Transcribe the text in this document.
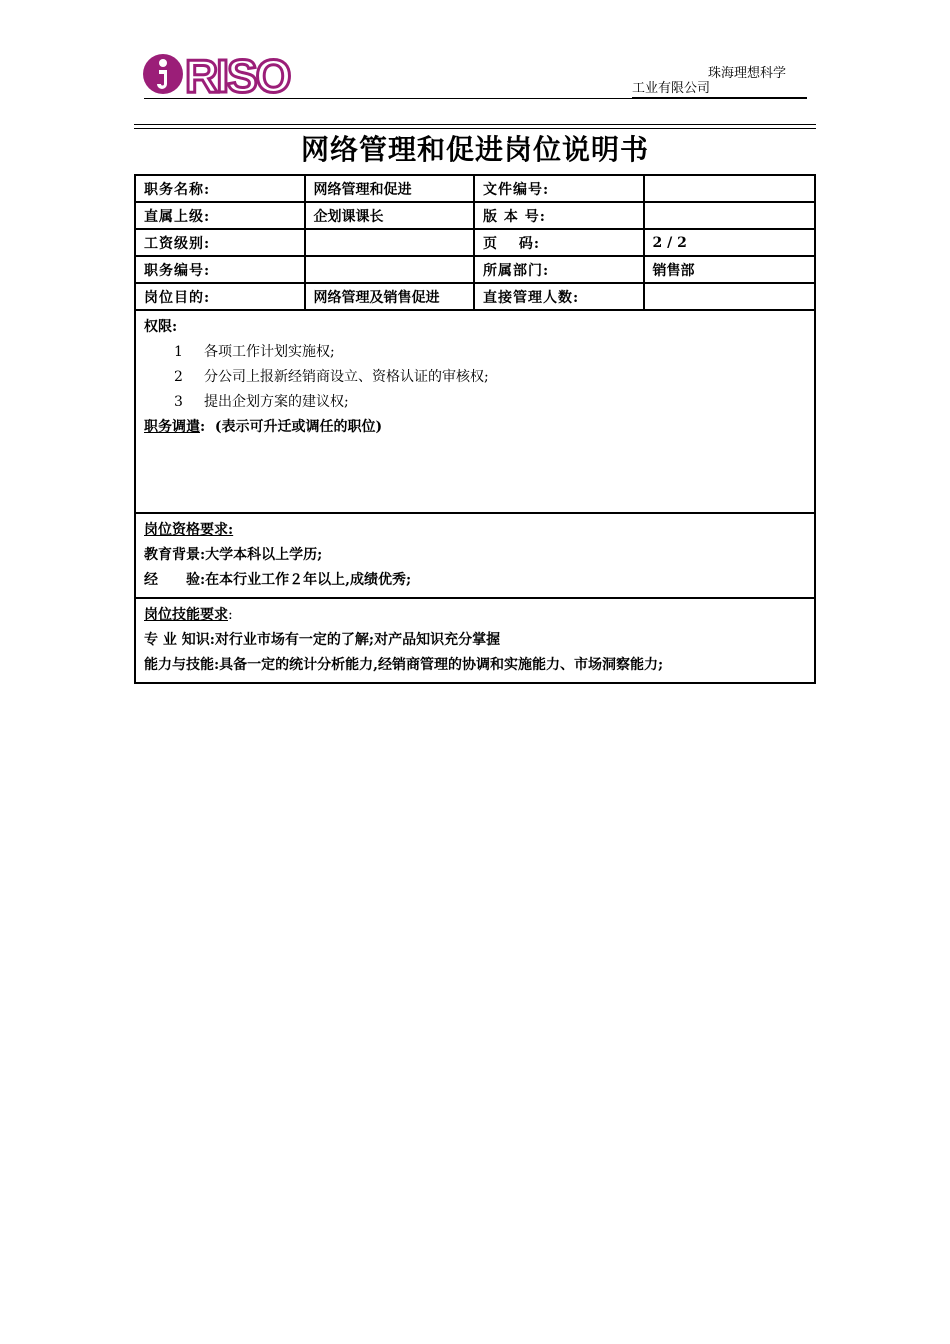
RISO	珠海理想科学
工业有限公司
网络管理和促进岗位说明书
职务名称:	网络管理和促进	文件编号:	
直属上级:	企划课课长	版 本 号:	
工资级别:		页　 码:	2 / 2
职务编号:		所属部门:	销售部
岗位目的:	网络管理及销售促进	直接管理人数:	

权限:
1 各项工作计划实施权;
2 分公司上报新经销商设立、资格认证的审核权;
3 提出企划方案的建议权;
职务调遣: (表示可升迁或调任的职位)			

岗位资格要求:
教育背景:大学本科以上学历;
经　　验:在本行业工作２年以上,成绩优秀;			

岗位技能要求:
专 业 知识:对行业市场有一定的了解;对产品知识充分掌握
能力与技能:具备一定的统计分析能力,经销商管理的协调和实施能力、市场洞察能力;			
